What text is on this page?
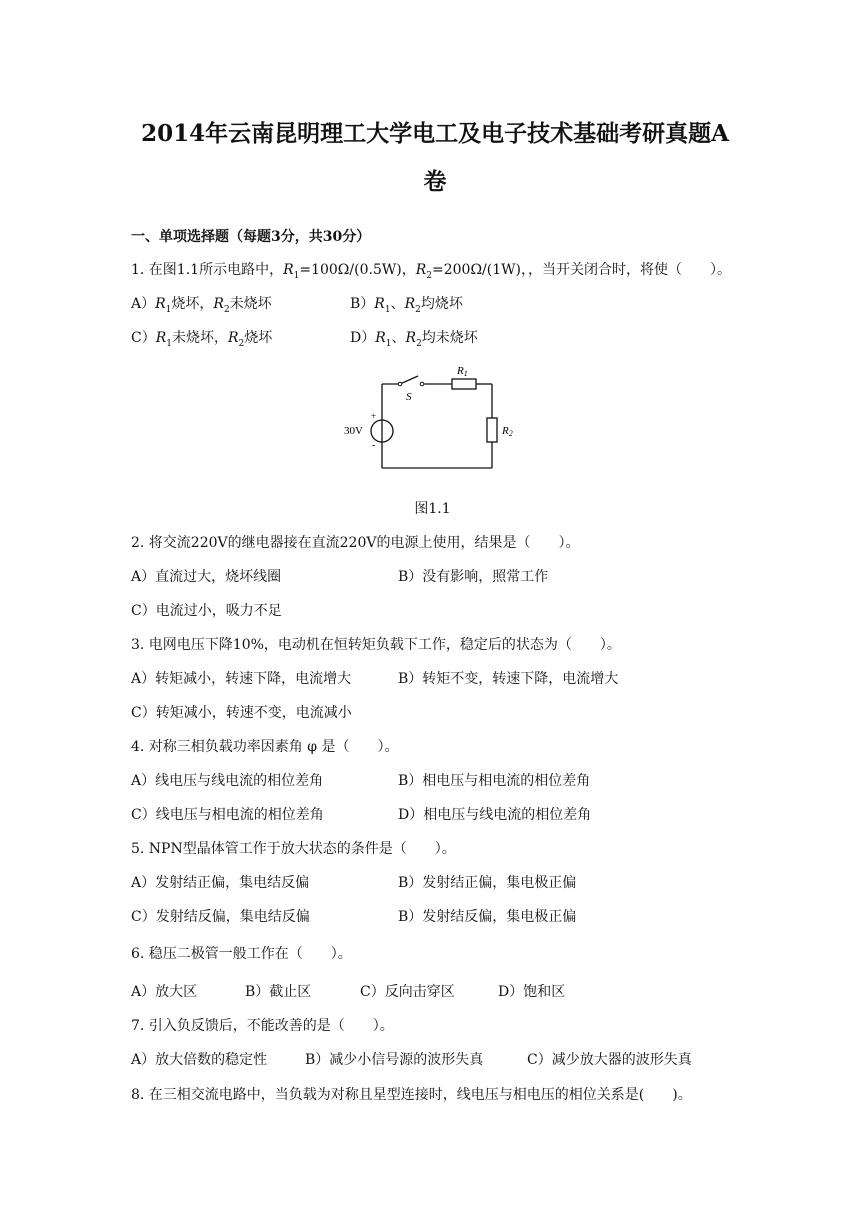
2014年云南昆明理工大学电工及电子技术基础考研真题A
卷
一、单项选择题（每题3分，共30分）
1. 在图1.1所示电路中，$R_1=100\Omega/(0.5W)$，$R_2=200\Omega/(1W)$，，当开关闭合时，将使（　　）。
$A)R_1$烧坏，$R_2$未烧坏	$B)R_1$、$R_2$均烧坏
$C)R_1$未烧坏，$R_2$烧坏	$D)R_1$、$R_2$均未烧坏
30V
+
-
S
R1
R2
图1.1
2. 将交流220V的继电器接在直流220V的电源上使用，结果是（　　）。
A）直流过大，烧坏线圈	B）没有影响，照常工作
C）电流过小，吸力不足
3. 电网电压下降10%，电动机在恒转矩负载下工作，稳定后的状态为（　　）。
A）转矩减小，转速下降，电流增大	B）转矩不变，转速下降，电流增大
C）转矩减小，转速不变，电流减小
4. 对称三相负载功率因素角 φ 是（　　）。
A）线电压与线电流的相位差角	B）相电压与相电流的相位差角
C）线电压与相电流的相位差角	D）相电压与线电流的相位差角
5. NPN型晶体管工作于放大状态的条件是（　　）。
A）发射结正偏，集电结反偏	B）发射结正偏，集电极正偏
C）发射结反偏，集电结反偏	B）发射结反偏，集电极正偏
6. 稳压二极管一般工作在（　　）。
A）放大区	B）截止区	C）反向击穿区	D）饱和区
7. 引入负反馈后，不能改善的是（　　）。
A）放大倍数的稳定性	B）减少小信号源的波形失真	C）减少放大器的波形失真
8. 在三相交流电路中，当负载为对称且星型连接时，线电压与相电压的相位关系是(　　)。
